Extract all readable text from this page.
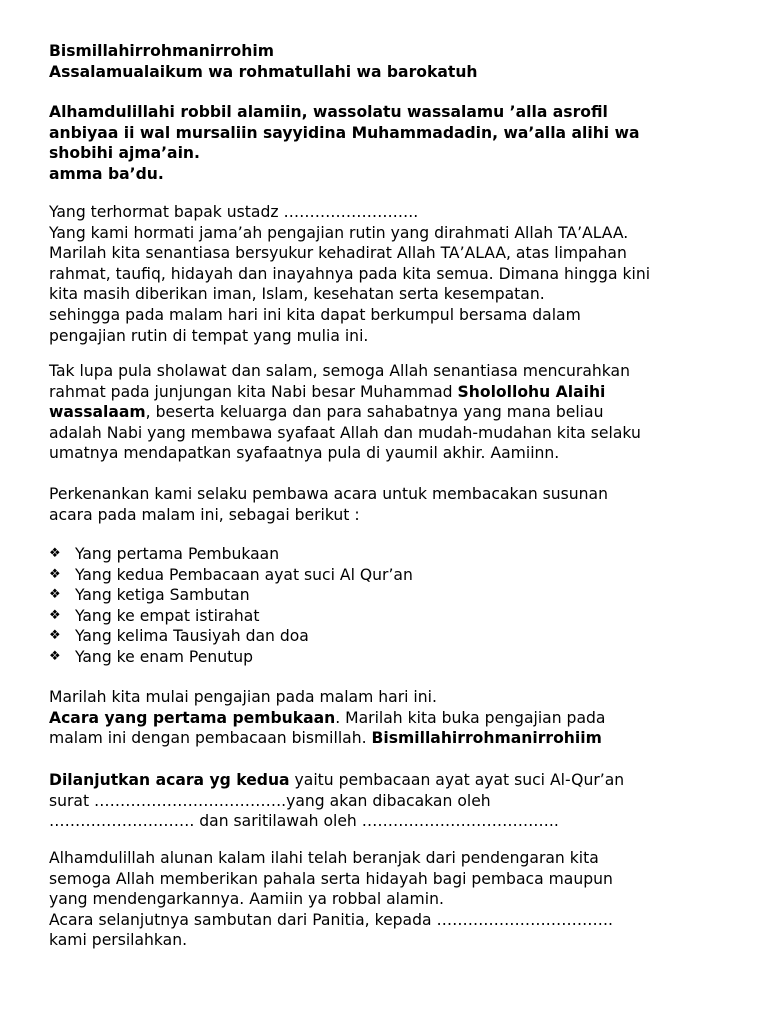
Bismillahirrohmanirrohim
Assalamualaikum wa rohmatullahi wa barokatuh
Alhamdulillahi robbil alamiin, wassolatu wassalamu ’alla asrofil
anbiyaa ii wal mursaliin sayyidina Muhammadadin, wa’alla alihi wa
shobihi ajma’ain.
amma ba’du.
Yang terhormat bapak ustadz ……………………..
Yang kami hormati jama’ah pengajian rutin yang dirahmati Allah TA’ALAA.
Marilah kita senantiasa bersyukur kehadirat Allah TA’ALAA, atas limpahan
rahmat, taufiq, hidayah dan inayahnya pada kita semua. Dimana hingga kini
kita masih diberikan iman, Islam, kesehatan serta kesempatan.
sehingga pada malam hari ini kita dapat berkumpul bersama dalam
pengajian rutin di tempat yang mulia ini.
Tak lupa pula sholawat dan salam, semoga Allah senantiasa mencurahkan
rahmat pada junjungan kita Nabi besar Muhammad Sholollohu Alaihi
wassalaam, beserta keluarga dan para sahabatnya yang mana beliau
adalah Nabi yang membawa syafaat Allah dan mudah-mudahan kita selaku
umatnya mendapatkan syafaatnya pula di yaumil akhir. Aamiinn.
Perkenankan kami selaku pembawa acara untuk membacakan susunan
acara pada malam ini, sebagai berikut :
❖ Yang pertama Pembukaan
❖ Yang kedua Pembacaan ayat suci Al Qur’an
❖ Yang ketiga Sambutan
❖ Yang ke empat istirahat
❖ Yang kelima Tausiyah dan doa
❖ Yang ke enam Penutup
Marilah kita mulai pengajian pada malam hari ini.
Acara yang pertama pembukaan. Marilah kita buka pengajian pada
malam ini dengan pembacaan bismillah. Bismillahirrohmanirrohiim
Dilanjutkan acara yg kedua yaitu pembacaan ayat ayat suci Al-Qur’an
surat ……………………………….yang akan dibacakan oleh
………………………. dan saritilawah oleh ………………………………..
Alhamdulillah alunan kalam ilahi telah beranjak dari pendengaran kita
semoga Allah memberikan pahala serta hidayah bagi pembaca maupun
yang mendengarkannya. Aamiin ya robbal alamin.
Acara selanjutnya sambutan dari Panitia, kepada …………………………….
kami persilahkan.
